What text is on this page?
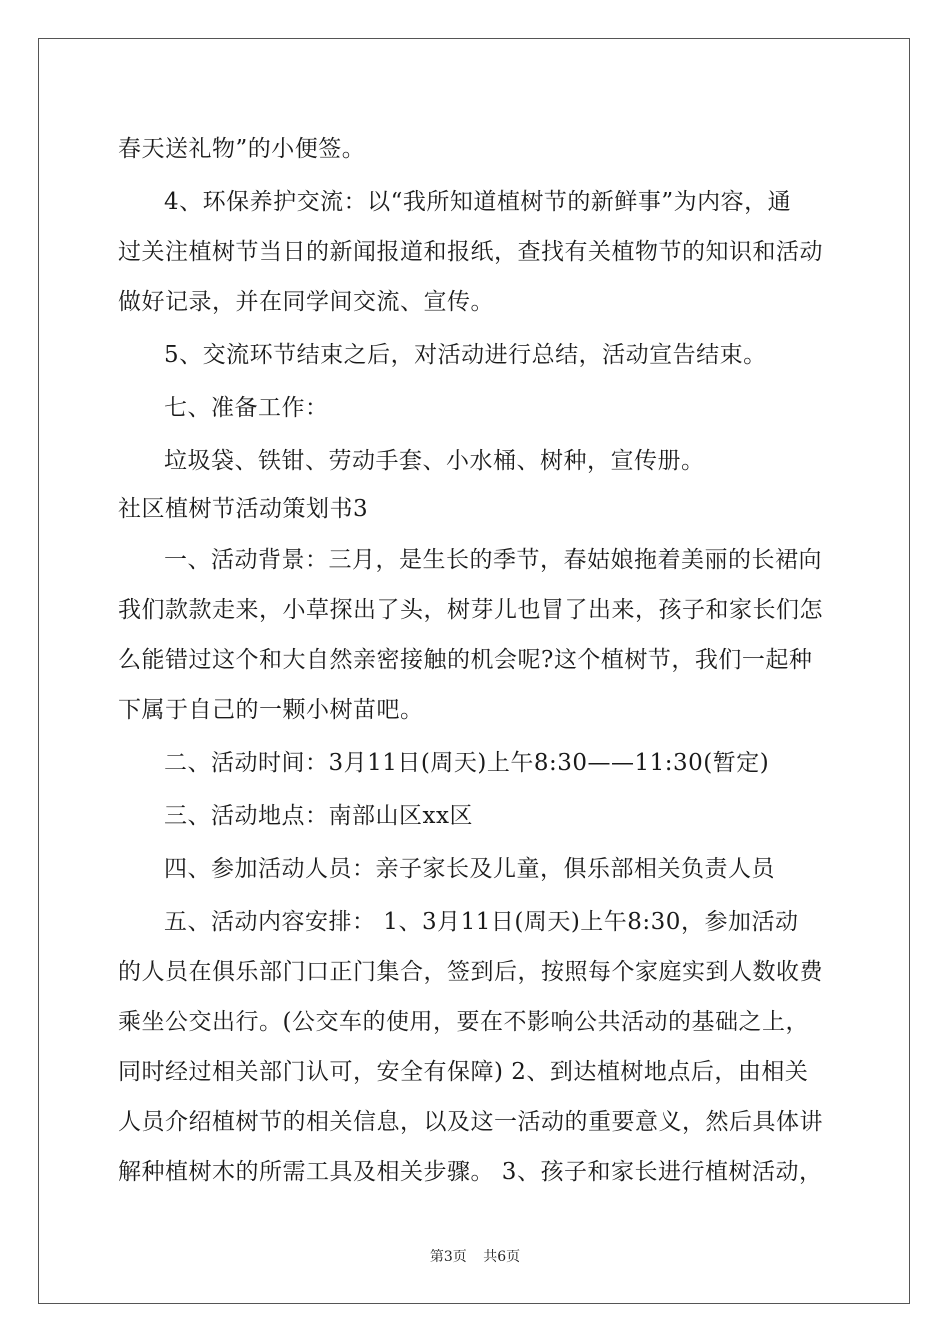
春天送礼物”的小便签。
4、环保养护交流：以“我所知道植树节的新鲜事”为内容，通
过关注植树节当日的新闻报道和报纸，查找有关植物节的知识和活动
做好记录，并在同学间交流、宣传。
5、交流环节结束之后，对活动进行总结，活动宣告结束。
七、准备工作：
垃圾袋、铁钳、劳动手套、小水桶、树种，宣传册。
社区植树节活动策划书3
一、活动背景：三月，是生长的季节，春姑娘拖着美丽的长裙向
我们款款走来，小草探出了头，树芽儿也冒了出来，孩子和家长们怎
么能错过这个和大自然亲密接触的机会呢?这个植树节，我们一起种
下属于自己的一颗小树苗吧。
二、活动时间：3月11日(周天)上午8:30——11:30(暂定)
三、活动地点：南部山区xx区
四、参加活动人员：亲子家长及儿童，俱乐部相关负责人员
五、活动内容安排： 1、3月11日(周天)上午8:30，参加活动
的人员在俱乐部门口正门集合，签到后，按照每个家庭实到人数收费
乘坐公交出行。(公交车的使用，要在不影响公共活动的基础之上，
同时经过相关部门认可，安全有保障) 2、到达植树地点后，由相关
人员介绍植树节的相关信息，以及这一活动的重要意义，然后具体讲
解种植树木的所需工具及相关步骤。 3、孩子和家长进行植树活动，
第3页 共6页
